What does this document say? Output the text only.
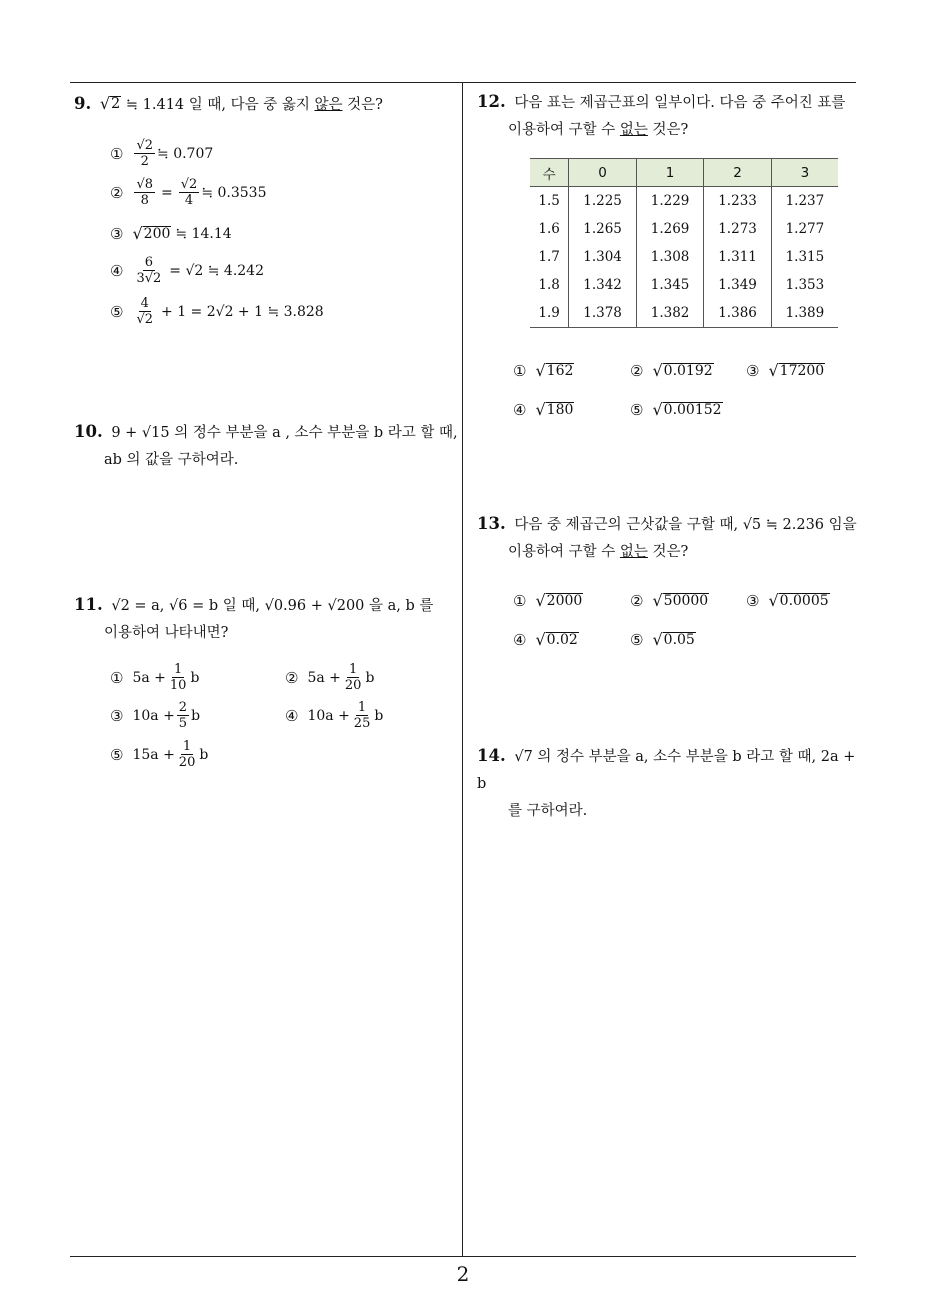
9. √ 2 ≒ 1.414 일 때, 다음 중 옳지 않은 것은?
① $\frac{√2}{2}$ ≒ 0.707
② $\frac{√8}{8} = \frac{√2}{4}$ ≒ 0.3535
③ √ 200 ≒ 14.14
④ $\frac{6}{3√2} = √2$ ≒ 4.242
⑤ $\frac{4}{√2} + 1 = 2√2 + 1$ ≒ 3.828
10. 9 + √15 의 정수 부분을 a , 소수 부분을 b 라고 할 때,
ab 의 값을 구하여라.
11. √2 = a, √6 = b 일 때, √0.96 + √200 을 a, b 를
이용하여 나타내면?
① $5a + \frac{1}{10}$ b	② $5a + \frac{1}{20}$ b
③ $10a + \frac{2}{5}$ b	④ $10a + \frac{1}{25}$ b
⑤ $15a + \frac{1}{20}$ b
12. 다음 표는 제곱근표의 일부이다. 다음 중 주어진 표를
이용하여 구할 수 없는 것은?
수	0	1	2	3
1.5	1.225	1.229	1.233	1.237
1.6	1.265	1.269	1.273	1.277
1.7	1.304	1.308	1.311	1.315
1.8	1.342	1.345	1.349	1.353
1.9	1.378	1.382	1.386	1.389
① √ 162	② √ 0.0192 ③ √ 17200
④ √ 180	⑤ √ 0.00152
13. 다음 중 제곱근의 근삿값을 구할 때, √5 ≒ 2.236 임을
이용하여 구할 수 없는 것은?
① √ 2000	② √ 50000	③ √ 0.0005
④ √ 0.02	⑤ √ 0.05
14. √7 의 정수 부분을 a, 소수 부분을 b 라고 할 때, 2a + b
를 구하여라.
2
